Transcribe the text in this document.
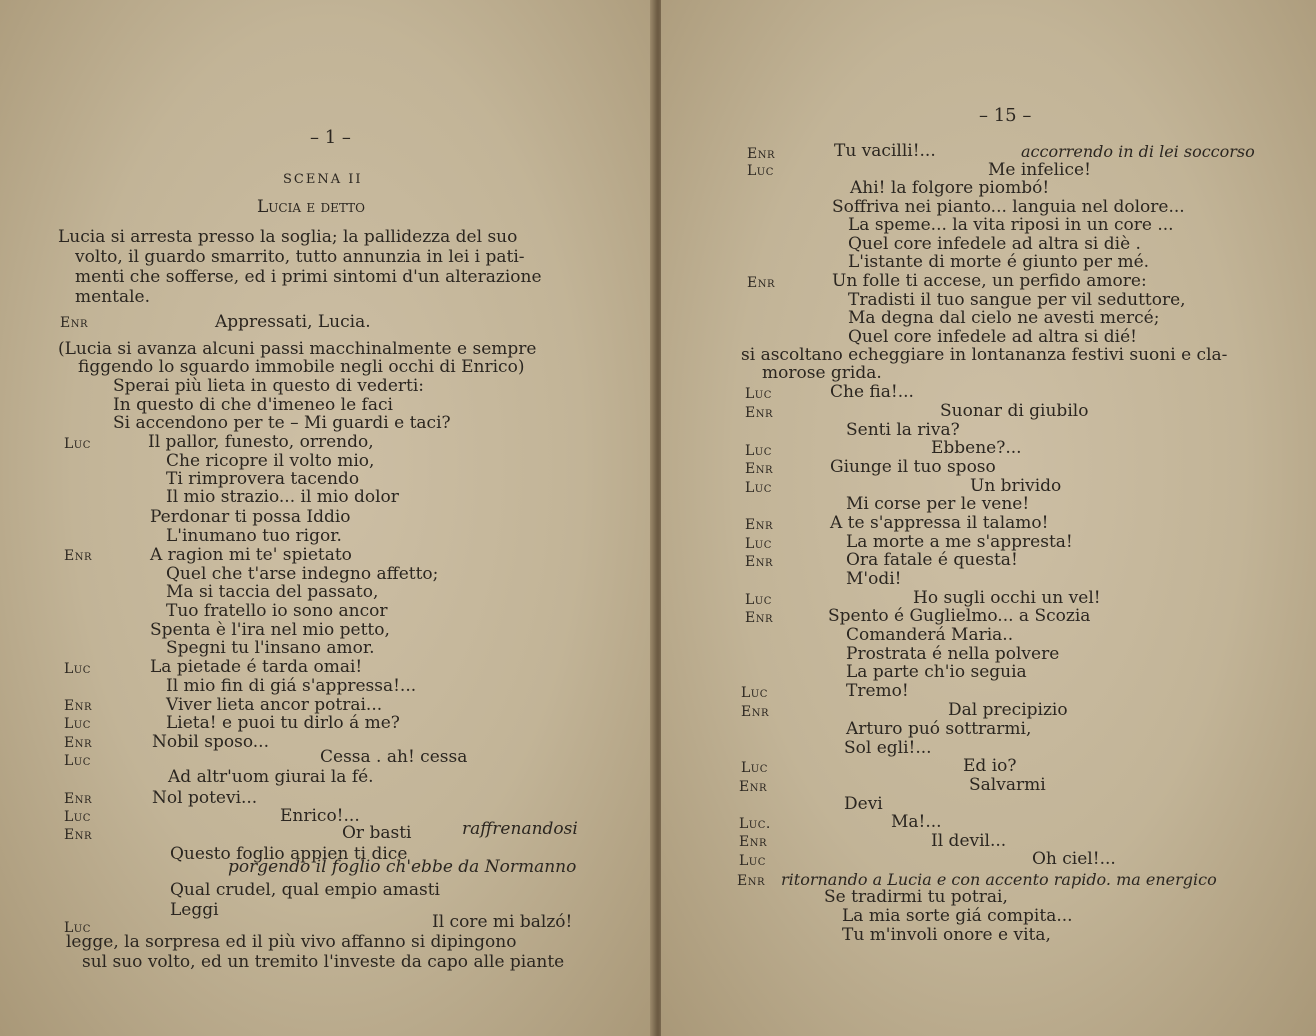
– 1 –
SCENA II
Lucia e detto
Lucia si arresta presso la soglia; la pallidezza del suo
volto, il guardo smarrito, tutto annunzia in lei i pati-
menti che sofferse, ed i primi sintomi d'un alterazione
mentale.
Enr	Appressati, Lucia.
(Lucia si avanza alcuni passi macchinalmente e sempre
figgendo lo sguardo immobile negli occhi di Enrico)
Sperai più lieta in questo di vederti:
In questo di che d'imeneo le faci
Si accendono per te – Mi guardi e taci?
Luc	Il pallor, funesto, orrendo,
Che ricopre il volto mio,
Ti rimprovera tacendo
Il mio strazio... il mio dolor
Perdonar ti possa Iddio
L'inumano tuo rigor.
Enr	A ragion mi te' spietato
Quel che t'arse indegno affetto;
Ma si taccia del passato,
Tuo fratello io sono ancor
Spenta è l'ira nel mio petto,
Spegni tu l'insano amor.
Luc	La pietade é tarda omai!
Il mio fin di giá s'appressa!...
Enr	Viver lieta ancor potrai...
Luc	Lieta! e puoi tu dirlo á me?
Enr	Nobil sposo...
Luc	Cessa . ah! cessa
Ad altr'uom giurai la fé.
Enr	Nol potevi...
Luc	Enrico!...
Enr	Or basti	raffrenandosi
Questo foglio appien ti dice
porgendo il foglio ch'ebbe da Normanno
Qual crudel, qual empio amasti
Leggi
Luc	Il core mi balzó!
legge, la sorpresa ed il più vivo affanno si dipingono
sul suo volto, ed un tremito l'investe da capo alle piante
– 15 –
Enr	Tu vacilli!...	accorrendo in di lei soccorso
Luc	Me infelice!
Ahi! la folgore piombó!
Soffriva nei pianto... languia nel dolore...
La speme... la vita riposi in un core ...
Quel core infedele ad altra si diè .
L'istante di morte é giunto per mé.
Enr	Un folle ti accese, un perfido amore:
Tradisti il tuo sangue per vil seduttore,
Ma degna dal cielo ne avesti mercé;
Quel core infedele ad altra si dié!
si ascoltano echeggiare in lontananza festivi suoni e cla-
morose grida.
Luc	Che fia!...
Enr	Suonar di giubilo
Senti la riva?
Luc	Ebbene?...
Enr	Giunge il tuo sposo
Luc	Un brivido
Mi corse per le vene!
Enr	A te s'appressa il talamo!
Luc	La morte a me s'appresta!
Enr	Ora fatale é questa!
M'odi!
Luc	Ho sugli occhi un vel!
Enr	Spento é Guglielmo... a Scozia
Comanderá Maria..
Prostrata é nella polvere
La parte ch'io seguia
Luc	Tremo!
Enr	Dal precipizio
Arturo puó sottrarmi,
Sol egli!...
Luc	Ed io?
Enr	Salvarmi
Devi
Luc.	Ma!...
Enr	Il devil...
Luc	Oh ciel!...
Enr ritornando a Lucia e con accento rapido. ma energico
Se tradirmi tu potrai,
La mia sorte giá compita...
Tu m'involi onore e vita,
